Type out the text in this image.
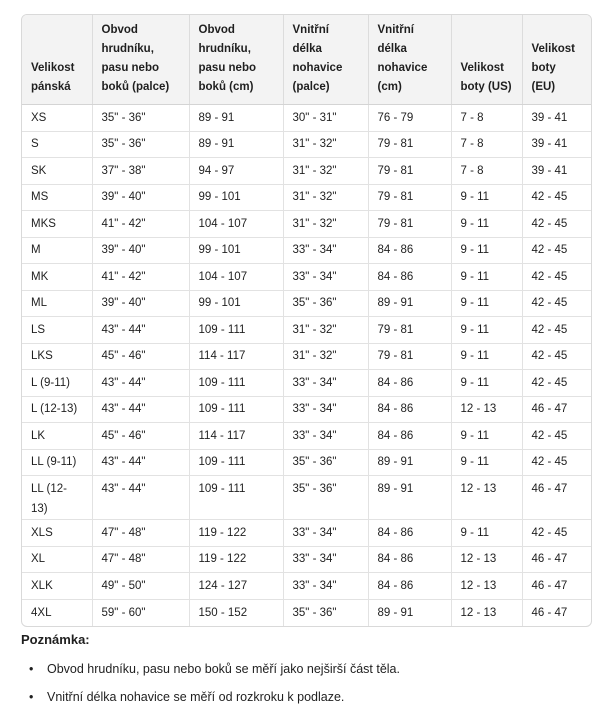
Velikost pánská	Obvod hrudníku, pasu nebo boků (palce)	Obvod hrudníku, pasu nebo boků (cm)	Vnitřní délka nohavice (palce)	Vnitřní délka nohavice (cm)	Velikost boty (US)	Velikost boty (EU)
XS	35" - 36"	89 - 91	30" - 31"	76 - 79	7 - 8	39 - 41
S	35" - 36"	89 - 91	31" - 32"	79 - 81	7 - 8	39 - 41
SK	37" - 38"	94 - 97	31" - 32"	79 - 81	7 - 8	39 - 41
MS	39" - 40"	99 - 101	31" - 32"	79 - 81	9 - 11	42 - 45
MKS	41" - 42"	104 - 107	31" - 32"	79 - 81	9 - 11	42 - 45
M	39" - 40"	99 - 101	33" - 34"	84 - 86	9 - 11	42 - 45
MK	41" - 42"	104 - 107	33" - 34"	84 - 86	9 - 11	42 - 45
ML	39" - 40"	99 - 101	35" - 36"	89 - 91	9 - 11	42 - 45
LS	43" - 44"	109 - 111	31" - 32"	79 - 81	9 - 11	42 - 45
LKS	45" - 46"	114 - 117	31" - 32"	79 - 81	9 - 11	42 - 45
L (9-11)	43" - 44"	109 - 111	33" - 34"	84 - 86	9 - 11	42 - 45
L (12-13)	43" - 44"	109 - 111	33" - 34"	84 - 86	12 - 13	46 - 47
LK	45" - 46"	114 - 117	33" - 34"	84 - 86	9 - 11	42 - 45
LL (9-11)	43" - 44"	109 - 111	35" - 36"	89 - 91	9 - 11	42 - 45
LL (12-13)	43" - 44"	109 - 111	35" - 36"	89 - 91	12 - 13	46 - 47
XLS	47" - 48"	119 - 122	33" - 34"	84 - 86	9 - 11	42 - 45
XL	47" - 48"	119 - 122	33" - 34"	84 - 86	12 - 13	46 - 47
XLK	49" - 50"	124 - 127	33" - 34"	84 - 86	12 - 13	46 - 47
4XL	59" - 60"	150 - 152	35" - 36"	89 - 91	12 - 13	46 - 47
Poznámka:
• Obvod hrudníku, pasu nebo boků se měří jako nejširší část těla.
• Vnitřní délka nohavice se měří od rozkroku k podlaze.
